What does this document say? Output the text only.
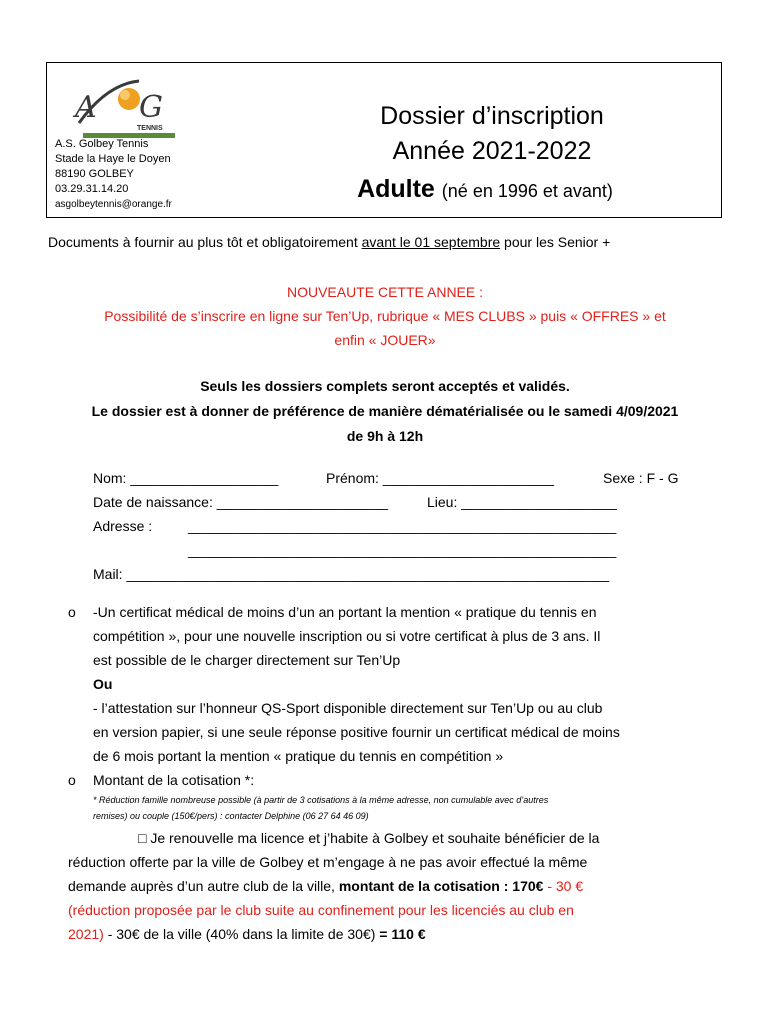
A G
TENNIS
A.S. Golbey Tennis
Stade la Haye le Doyen
88190 GOLBEY
03.29.31.14.20
asgolbeytennis@orange.fr
Dossier d’inscription
Année 2021-2022
Adulte (né en 1996 et avant)
Documents à fournir au plus tôt et obligatoirement avant le 01 septembre pour les Senior +
NOUVEAUTE CETTE ANNEE :
Possibilité de s’inscrire en ligne sur Ten’Up, rubrique « MES CLUBS » puis « OFFRES » et
enfin « JOUER»
Seuls les dossiers complets seront acceptés et validés.
Le dossier est à donner de préférence de manière dématérialisée ou le samedi 4/09/2021
de 9h à 12h
Nom: ___________________	Prénom: ______________________	Sexe : F - G
Date de naissance: ______________________	Lieu: ____________________
Adresse :	_______________________________________________________
_______________________________________________________
Mail: ______________________________________________________________
o -Un certificat médical de moins d’un an portant la mention « pratique du tennis en
compétition », pour une nouvelle inscription ou si votre certificat à plus de 3 ans. Il
est possible de le charger directement sur Ten’Up
Ou
- l’attestation sur l’honneur QS-Sport disponible directement sur Ten’Up ou au club
en version papier, si une seule réponse positive fournir un certificat médical de moins
de 6 mois portant la mention « pratique du tennis en compétition »
o Montant de la cotisation *:
* Réduction famille nombreuse possible (à partir de 3 cotisations à la même adresse, non cumulable avec d’autres
remises) ou couple (150€/pers) : contacter Delphine (06 27 64 46 09)
□ Je renouvelle ma licence et j’habite à Golbey et souhaite bénéficier de la
réduction offerte par la ville de Golbey et m’engage à ne pas avoir effectué la même
demande auprès d’un autre club de la ville, montant de la cotisation : 170€ - 30 €
(réduction proposée par le club suite au confinement pour les licenciés au club en
2021) - 30€ de la ville (40% dans la limite de 30€) = 110 €
